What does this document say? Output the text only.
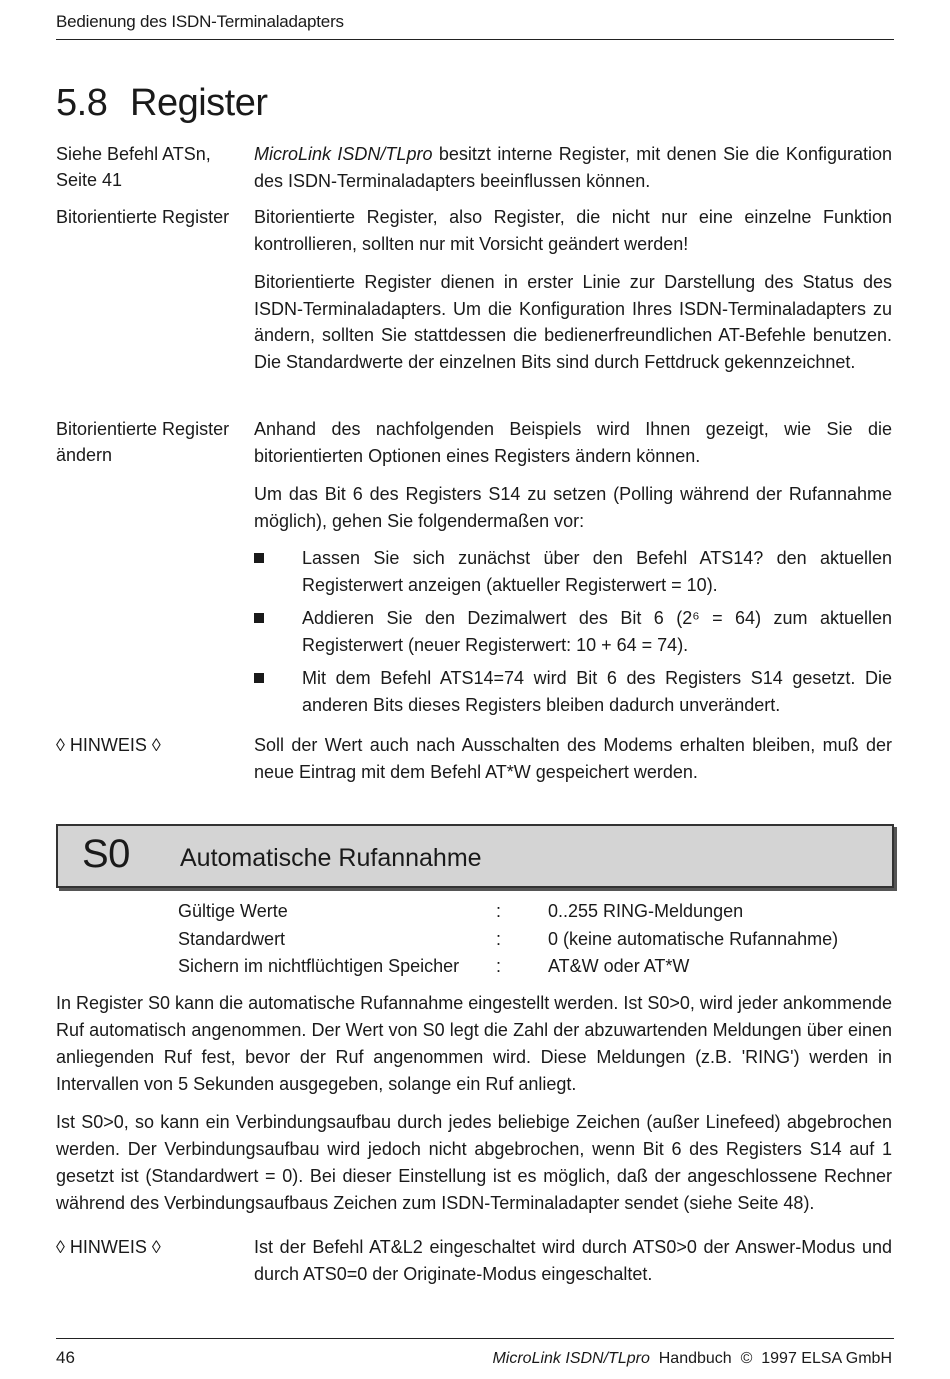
Bedienung des ISDN-Terminaladapters
5.8 Register
Siehe Befehl ATSn, Seite 41

MicroLink ISDN/TLpro besitzt interne Register, mit denen Sie die Konfiguration des ISDN-Terminaladapters beeinflussen können.

Bitorientierte Register	Bitorientierte Register, also Register, die nicht nur eine einzelne Funktion kontrollieren, sollten nur mit Vorsicht geändert werden!

Bitorientierte Register dienen in erster Linie zur Darstellung des Status des ISDN-Terminaladapters. Um die Konfiguration Ihres ISDN-Terminaladapters zu ändern, sollten Sie stattdessen die bedienerfreundlichen AT-Befehle benutzen. Die Standardwerte der einzelnen Bits sind durch Fettdruck gekennzeichnet.

Bitorientierte Register ändern

Anhand des nachfolgenden Beispiels wird Ihnen gezeigt, wie Sie die bitorientierten Optionen eines Registers ändern können.

Um das Bit 6 des Registers S14 zu setzen (Polling während der Rufannahme möglich), gehen Sie folgendermaßen vor:

Lassen Sie sich zunächst über den Befehl ATS14? den aktuellen Registerwert anzeigen (aktueller Registerwert = 10).
Addieren Sie den Dezimalwert des Bit 6 (2⁶ = 64) zum aktuellen Registerwert (neuer Registerwert: 10 + 64 = 74).
Mit dem Befehl ATS14=74 wird Bit 6 des Registers S14 gesetzt. Die anderen Bits dieses Registers bleiben dadurch unverändert.
◊ HINWEIS ◊	Soll der Wert auch nach Ausschalten des Modems erhalten bleiben, muß der neue Eintrag mit dem Befehl AT*W gespeichert werden.

S0 Automatische Rufannahme
Gültige Werte	:	0..255 RING-Meldungen
Standardwert	:	0 (keine automatische Rufannahme)
Sichern im nichtflüchtigen Speicher :	AT&W oder AT*W

In Register S0 kann die automatische Rufannahme eingestellt werden. Ist S0>0, wird jeder ankommende Ruf automatisch angenommen. Der Wert von S0 legt die Zahl der abzuwartenden Meldungen über einen anliegenden Ruf fest, bevor der Ruf angenommen wird. Diese Meldungen (z.B. 'RING') werden in Intervallen von 5 Sekunden ausgegeben, solange ein Ruf anliegt.

Ist S0>0, so kann ein Verbindungsaufbau durch jedes beliebige Zeichen (außer Linefeed) abgebrochen werden. Der Verbindungsaufbau wird jedoch nicht abgebrochen, wenn Bit 6 des Registers S14 auf 1 gesetzt ist (Standardwert = 0). Bei dieser Einstellung ist es möglich, daß der angeschlossene Rechner während des Verbindungsaufbaus Zeichen zum ISDN-Terminaladapter sendet (siehe Seite 48).

◊ HINWEIS ◊	Ist der Befehl AT&L2 eingeschaltet wird durch ATS0>0 der Answer-Modus und durch ATS0=0 der Originate-Modus eingeschaltet.

46	MicroLink ISDN/TLpro  Handbuch  ©  1997 ELSA GmbH
